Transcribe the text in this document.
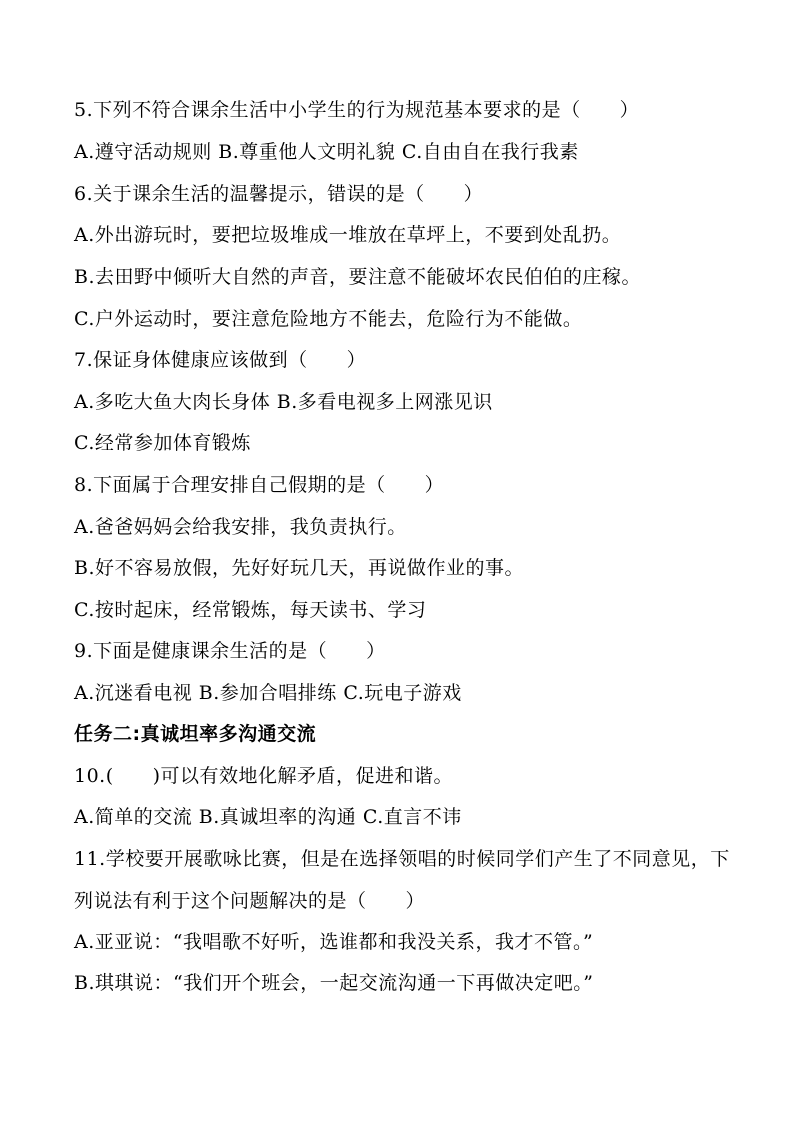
5.下列不符合课余生活中小学生的行为规范基本要求的是（　　）
A.遵守活动规则 B.尊重他人文明礼貌 C.自由自在我行我素
6.关于课余生活的温馨提示，错误的是（　　）
A.外出游玩时，要把垃圾堆成一堆放在草坪上，不要到处乱扔。
B.去田野中倾听大自然的声音，要注意不能破坏农民伯伯的庄稼。
C.户外运动时，要注意危险地方不能去，危险行为不能做。
7.保证身体健康应该做到（　　）
A.多吃大鱼大肉长身体 B.多看电视多上网涨见识
C.经常参加体育锻炼
8.下面属于合理安排自己假期的是（　　）
A.爸爸妈妈会给我安排，我负责执行。
B.好不容易放假，先好好玩几天，再说做作业的事。
C.按时起床，经常锻炼，每天读书、学习
9.下面是健康课余生活的是（　　）
A.沉迷看电视 B.参加合唱排练 C.玩电子游戏
任务二:真诚坦率多沟通交流
10.(　　)可以有效地化解矛盾，促进和谐。
A.简单的交流 B.真诚坦率的沟通 C.直言不讳
11.学校要开展歌咏比赛，但是在选择领唱的时候同学们产生了不同意见，下列说法有利于这个问题解决的是（　　）
A.亚亚说：“我唱歌不好听，选谁都和我没关系，我才不管。”
B.琪琪说：“我们开个班会，一起交流沟通一下再做决定吧。”
